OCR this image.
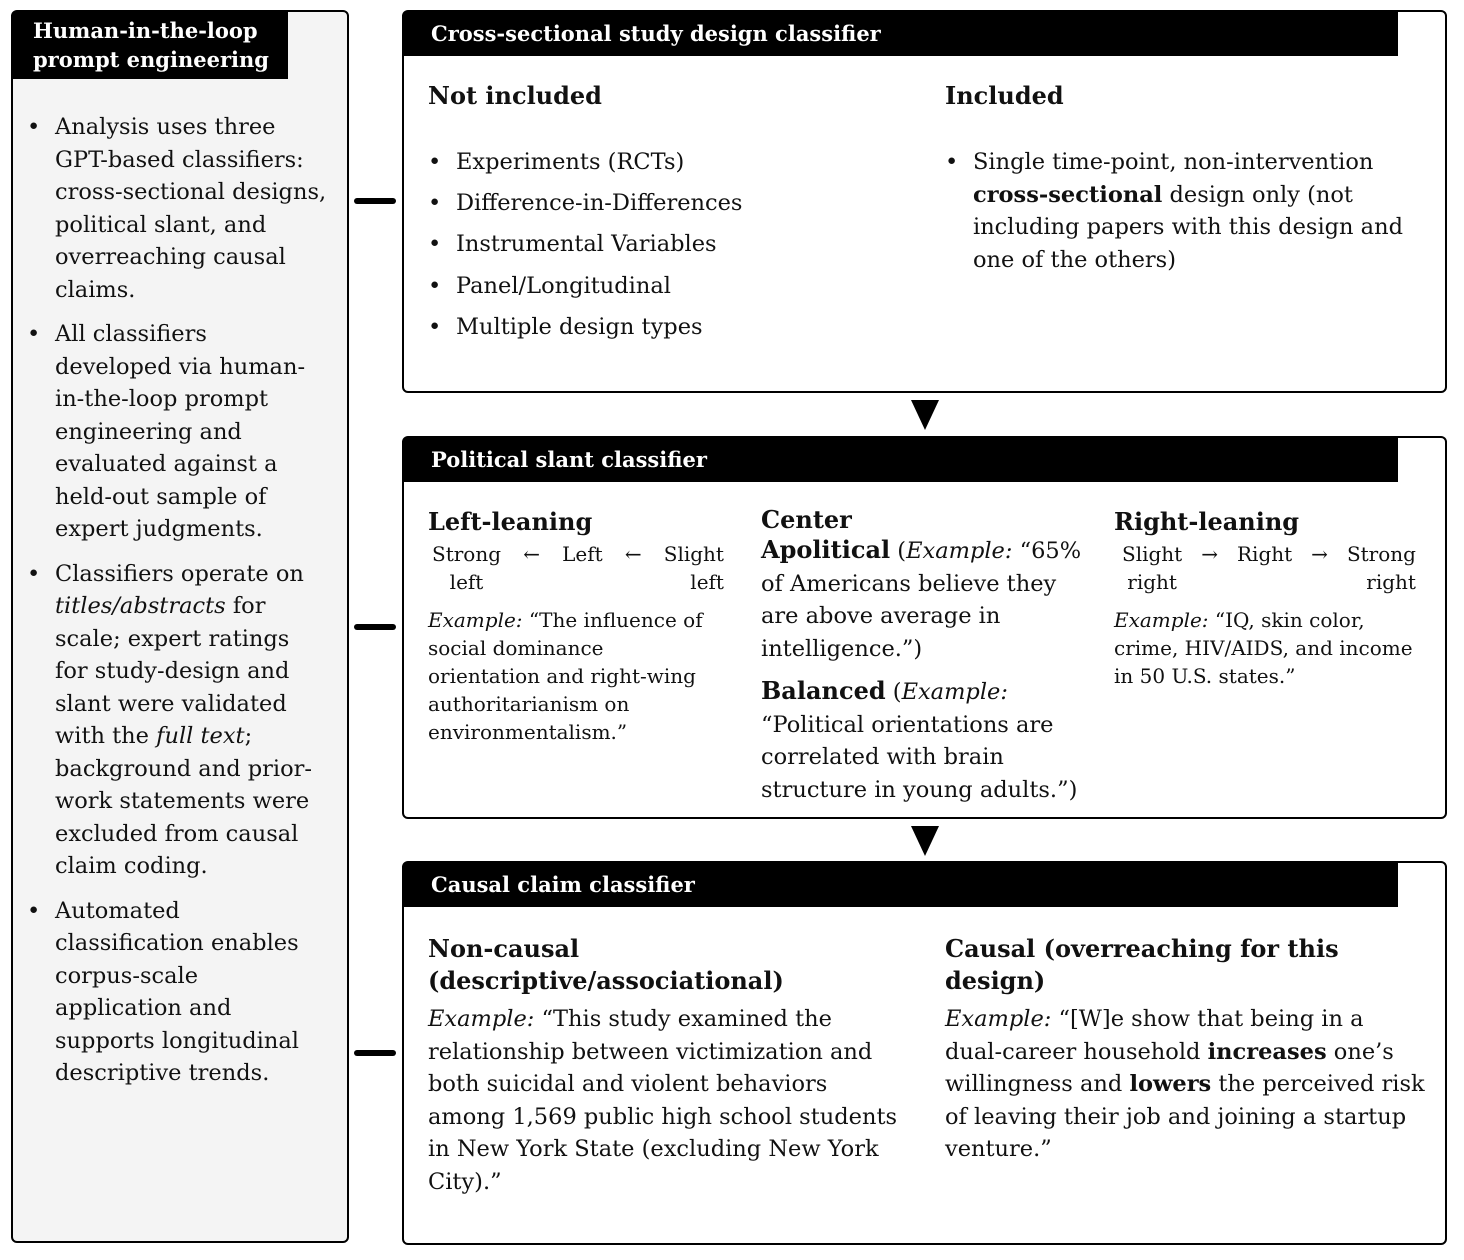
Human-in-the-loop
prompt engineering
• Analysis uses three GPT-based classifiers: cross-sectional designs, political slant, and overreaching causal claims.
• All classifiers developed via human-in-the-loop prompt engineering and evaluated against a held-out sample of expert judgments.
• Classifiers operate on titles/abstracts for scale; expert ratings for study-design and slant were validated with the full text; background and prior-work statements were excluded from causal claim coding.
• Automated classification enables corpus-scale application and supports longitudinal descriptive trends.
Cross-sectional study design classifier
Not included
• Experiments (RCTs)
• Difference-in-Differences
• Instrumental Variables
• Panel/Longitudinal
• Multiple design types
Included
• Single time-point, non-intervention cross-sectional design only (not including papers with this design and one of the others)
Political slant classifier
Left-leaning
Strong
left
← Left ← Slight
left
Example: “The influence of social dominance orientation and right-wing authoritarianism on environmentalism.”
Center
Apolitical (Example: “65% of Americans believe they are above average in intelligence.”)
Balanced (Example: “Political orientations are correlated with brain structure in young adults.”)
Right-leaning
Slight
right
→ Right → Strong
right
Example: “IQ, skin color, crime, HIV/AIDS, and income in 50 U.S. states.”
Causal claim classifier
Non-causal (descriptive/associational)
Example: “This study examined the relationship between victimization and both suicidal and violent behaviors among 1,569 public high school students in New York State (excluding New York City).”
Causal (overreaching for this design)
Example: “[W]e show that being in a dual-career household increases one’s willingness and lowers the perceived risk of leaving their job and joining a startup venture.”
